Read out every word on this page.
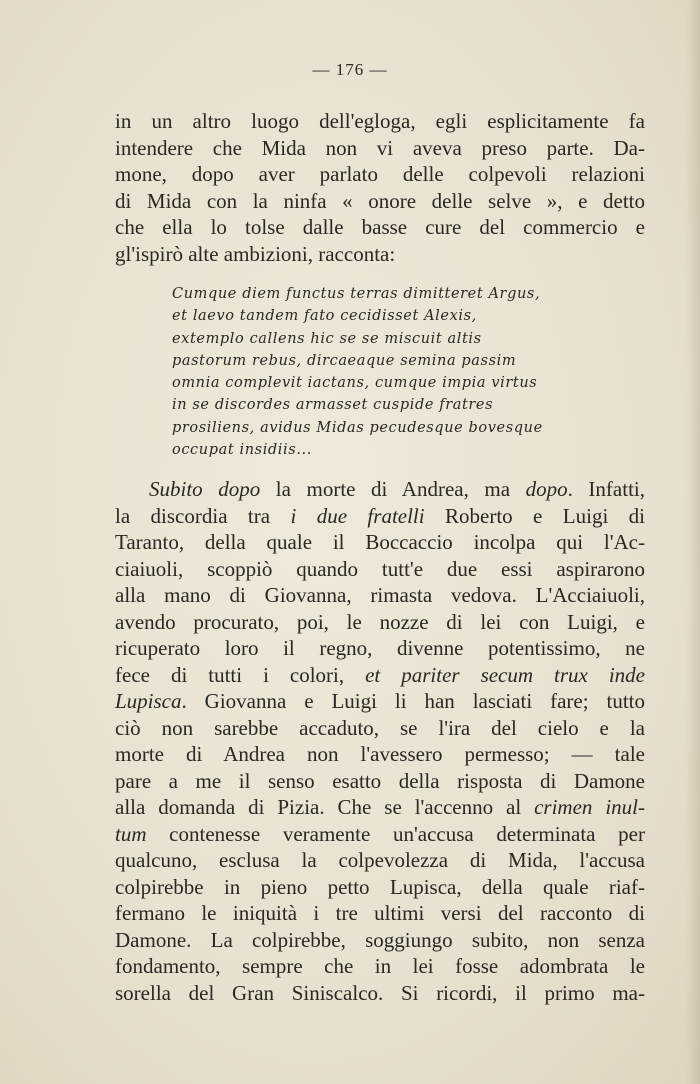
— 176 —
in un altro luogo dell'egloga, egli esplicitamente fa
intendere che Mida non vi aveva preso parte. Da-
mone, dopo aver parlato delle colpevoli relazioni
di Mida con la ninfa « onore delle selve », e detto
che ella lo tolse dalle basse cure del commercio e
gl'ispirò alte ambizioni, racconta:
Cumque diem functus terras dimitteret Argus,
et laevo tandem fato cecidisset Alexis,
extemplo callens hic se se miscuit altis
pastorum rebus, dircaeaque semina passim
omnia complevit iactans, cumque impia virtus
in se discordes armasset cuspide fratres
prosiliens, avidus Midas pecudesque bovesque
occupat insidiis...
Subito dopo la morte di Andrea, ma dopo. Infatti,
la discordia tra i due fratelli Roberto e Luigi di
Taranto, della quale il Boccaccio incolpa qui l'Ac-
ciaiuoli, scoppiò quando tutt'e due essi aspirarono
alla mano di Giovanna, rimasta vedova. L'Acciaiuoli,
avendo procurato, poi, le nozze di lei con Luigi, e
ricuperato loro il regno, divenne potentissimo, ne
fece di tutti i colori, et pariter secum trux inde
Lupisca. Giovanna e Luigi li han lasciati fare; tutto
ciò non sarebbe accaduto, se l'ira del cielo e la
morte di Andrea non l'avessero permesso; — tale
pare a me il senso esatto della risposta di Damone
alla domanda di Pizia. Che se l'accenno al crimen inul-
tum contenesse veramente un'accusa determinata per
qualcuno, esclusa la colpevolezza di Mida, l'accusa
colpirebbe in pieno petto Lupisca, della quale riaf-
fermano le iniquità i tre ultimi versi del racconto di
Damone. La colpirebbe, soggiungo subito, non senza
fondamento, sempre che in lei fosse adombrata le
sorella del Gran Siniscalco. Si ricordi, il primo ma-
